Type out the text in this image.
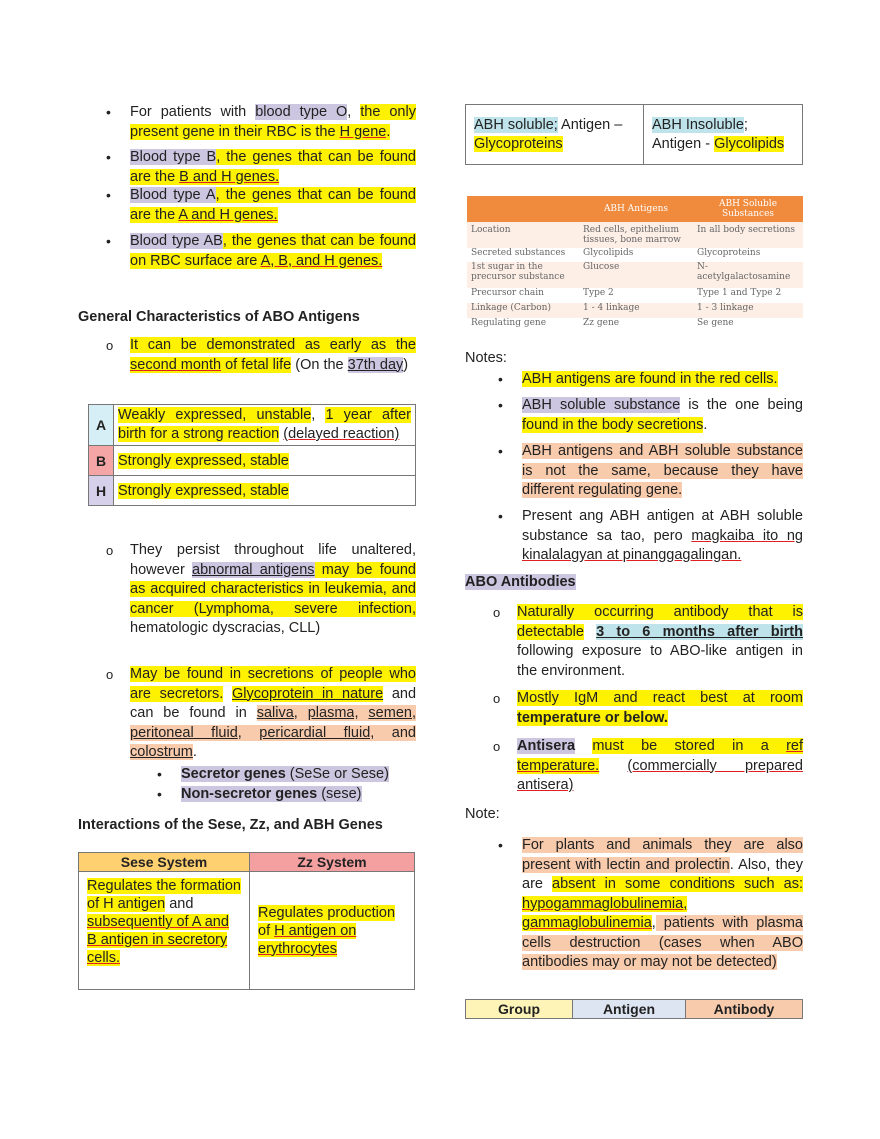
• For patients with blood type O, the only present gene in their RBC is the H gene.
• Blood type B, the genes that can be found are the B and H genes.
• Blood type A, the genes that can be found are the A and H genes.
• Blood type AB, the genes that can be found on RBC surface are A, B, and H genes.
General Characteristics of ABO Antigens
o It can be demonstrated as early as the second month of fetal life (On the 37th day)
A	Weakly expressed, unstable, 1 year after birth for a strong reaction (delayed reaction)
B	Strongly expressed, stable
H	Strongly expressed, stable
o They persist throughout life unaltered, however abnormal antigens may be found as acquired characteristics in leukemia, and cancer (Lymphoma, severe infection, hematologic dyscracias, CLL)
o May be found in secretions of people who are secretors. Glycoprotein in nature and can be found in saliva, plasma, semen, peritoneal fluid, pericardial fluid, and colostrum.
• Secretor genes (SeSe or Sese)
• Non-secretor genes (sese)
Interactions of the Sese, Zz, and ABH Genes
Sese System	Zz System
Regulates the formation of H antigen and subsequently of A and B antigen in secretory cells.	Regulates production of H antigen on erythrocytes
ABH soluble; Antigen – Glycoproteins	ABH Insoluble; Antigen - Glycolipids
	ABH Antigens	ABH Soluble Substances
Location	Red cells, epithelium tissues, bone marrow	In all body secretions
Secreted substances	Glycolipids	Glycoproteins
1st sugar in the precursor substance	Glucose	N-acetylgalactosamine
Precursor chain	Type 2	Type 1 and Type 2
Linkage (Carbon)	1 - 4 linkage	1 - 3 linkage
Regulating gene	Zz gene	Se gene
Notes:
• ABH antigens are found in the red cells.
• ABH soluble substance is the one being found in the body secretions.
• ABH antigens and ABH soluble substance is not the same, because they have different regulating gene.
• Present ang ABH antigen at ABH soluble substance sa tao, pero magkaiba ito ng kinalalagyan at pinanggagalingan.
ABO Antibodies
o Naturally occurring antibody that is detectable 3 to 6 months after birth following exposure to ABO-like antigen in the environment.
o Mostly IgM and react best at room temperature or below.
o Antisera must be stored in a ref temperature. (commercially prepared antisera)
Note:
• For plants and animals they are also present with lectin and prolectin. Also, they are absent in some conditions such as: hypogammaglobulinemia, gammaglobulinemia, patients with plasma cells destruction (cases when ABO antibodies may or may not be detected)
Group	Antigen	Antibody
